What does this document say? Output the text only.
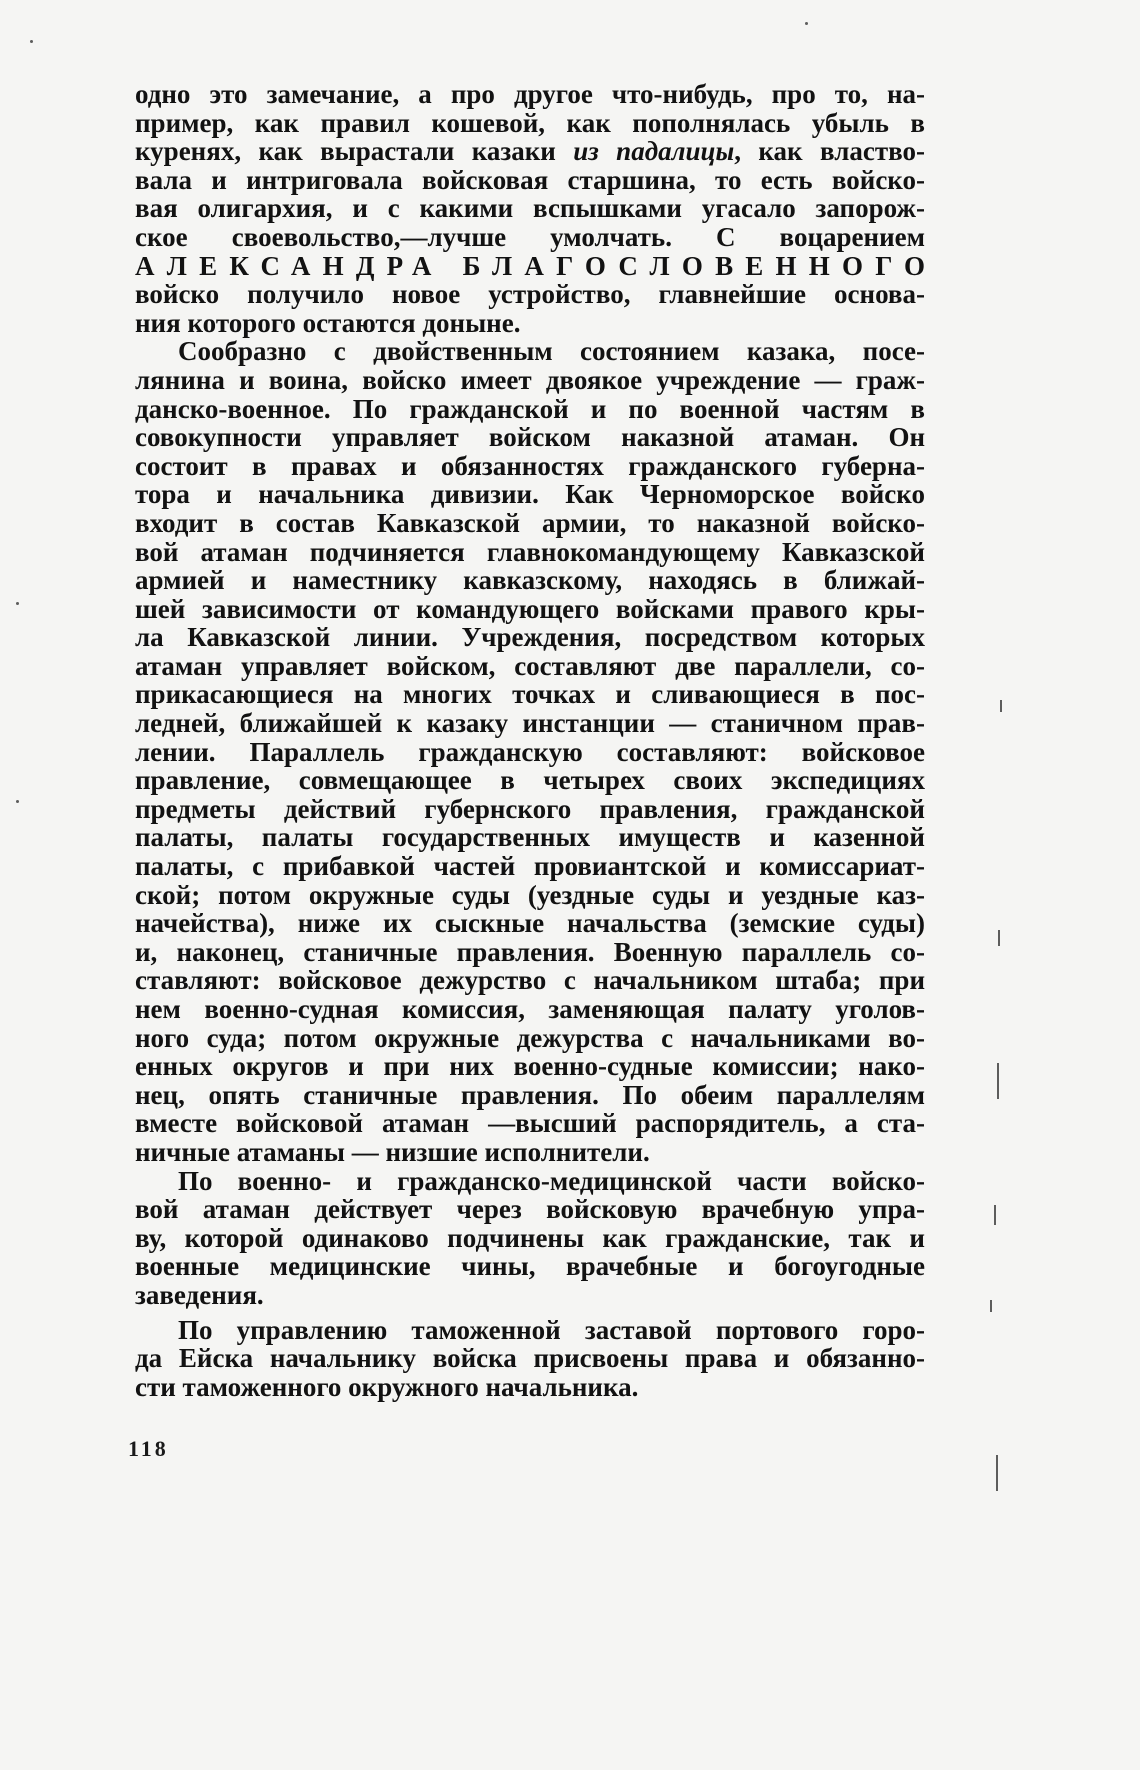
одно это замечание, а про другое что-нибудь, про то, на-
пример, как правил кошевой, как пополнялась убыль в
куренях, как вырастали казаки из падалицы, как властво-
вала и интриговала войсковая старшина, то есть войско-
вая олигархия, и с какими вспышками угасало запорож-
ское своевольство,—лучше умолчать. С воцарением
АЛЕКСАНДРА БЛАГОСЛОВЕННОГО
войско получило новое устройство, главнейшие основа-
ния которого остаются доныне.
Сообразно с двойственным состоянием казака, посе-
лянина и воина, войско имеет двоякое учреждение — граж-
данско-военное. По гражданской и по военной частям в
совокупности управляет войском наказной атаман. Он
состоит в правах и обязанностях гражданского губерна-
тора и начальника дивизии. Как Черноморское войско
входит в состав Кавказской армии, то наказной войско-
вой атаман подчиняется главнокомандующему Кавказской
армией и наместнику кавказскому, находясь в ближай-
шей зависимости от командующего войсками правого кры-
ла Кавказской линии. Учреждения, посредством которых
атаман управляет войском, составляют две параллели, со-
прикасающиеся на многих точках и сливающиеся в пос-
ледней, ближайшей к казаку инстанции — станичном прав-
лении. Параллель гражданскую составляют: войсковое
правление, совмещающее в четырех своих экспедициях
предметы действий губернского правления, гражданской
палаты, палаты государственных имуществ и казенной
палаты, с прибавкой частей провиантской и комиссариат-
ской; потом окружные суды (уездные суды и уездные каз-
начейства), ниже их сыскные начальства (земские суды)
и, наконец, станичные правления. Военную параллель со-
ставляют: войсковое дежурство с начальником штаба; при
нем военно-судная комиссия, заменяющая палату уголов-
ного суда; потом окружные дежурства с начальниками во-
енных округов и при них военно-судные комиссии; нако-
нец, опять станичные правления. По обеим параллелям
вместе войсковой атаман —высший распорядитель, а ста-
ничные атаманы — низшие исполнители.
По военно- и гражданско-медицинской части войско-
вой атаман действует через войсковую врачебную упра-
ву, которой одинаково подчинены как гражданские, так и
военные медицинские чины, врачебные и богоугодные
заведения.
По управлению таможенной заставой портового горо-
да Ейска начальнику войска присвоены права и обязанно-
сти таможенного окружного начальника.
118
